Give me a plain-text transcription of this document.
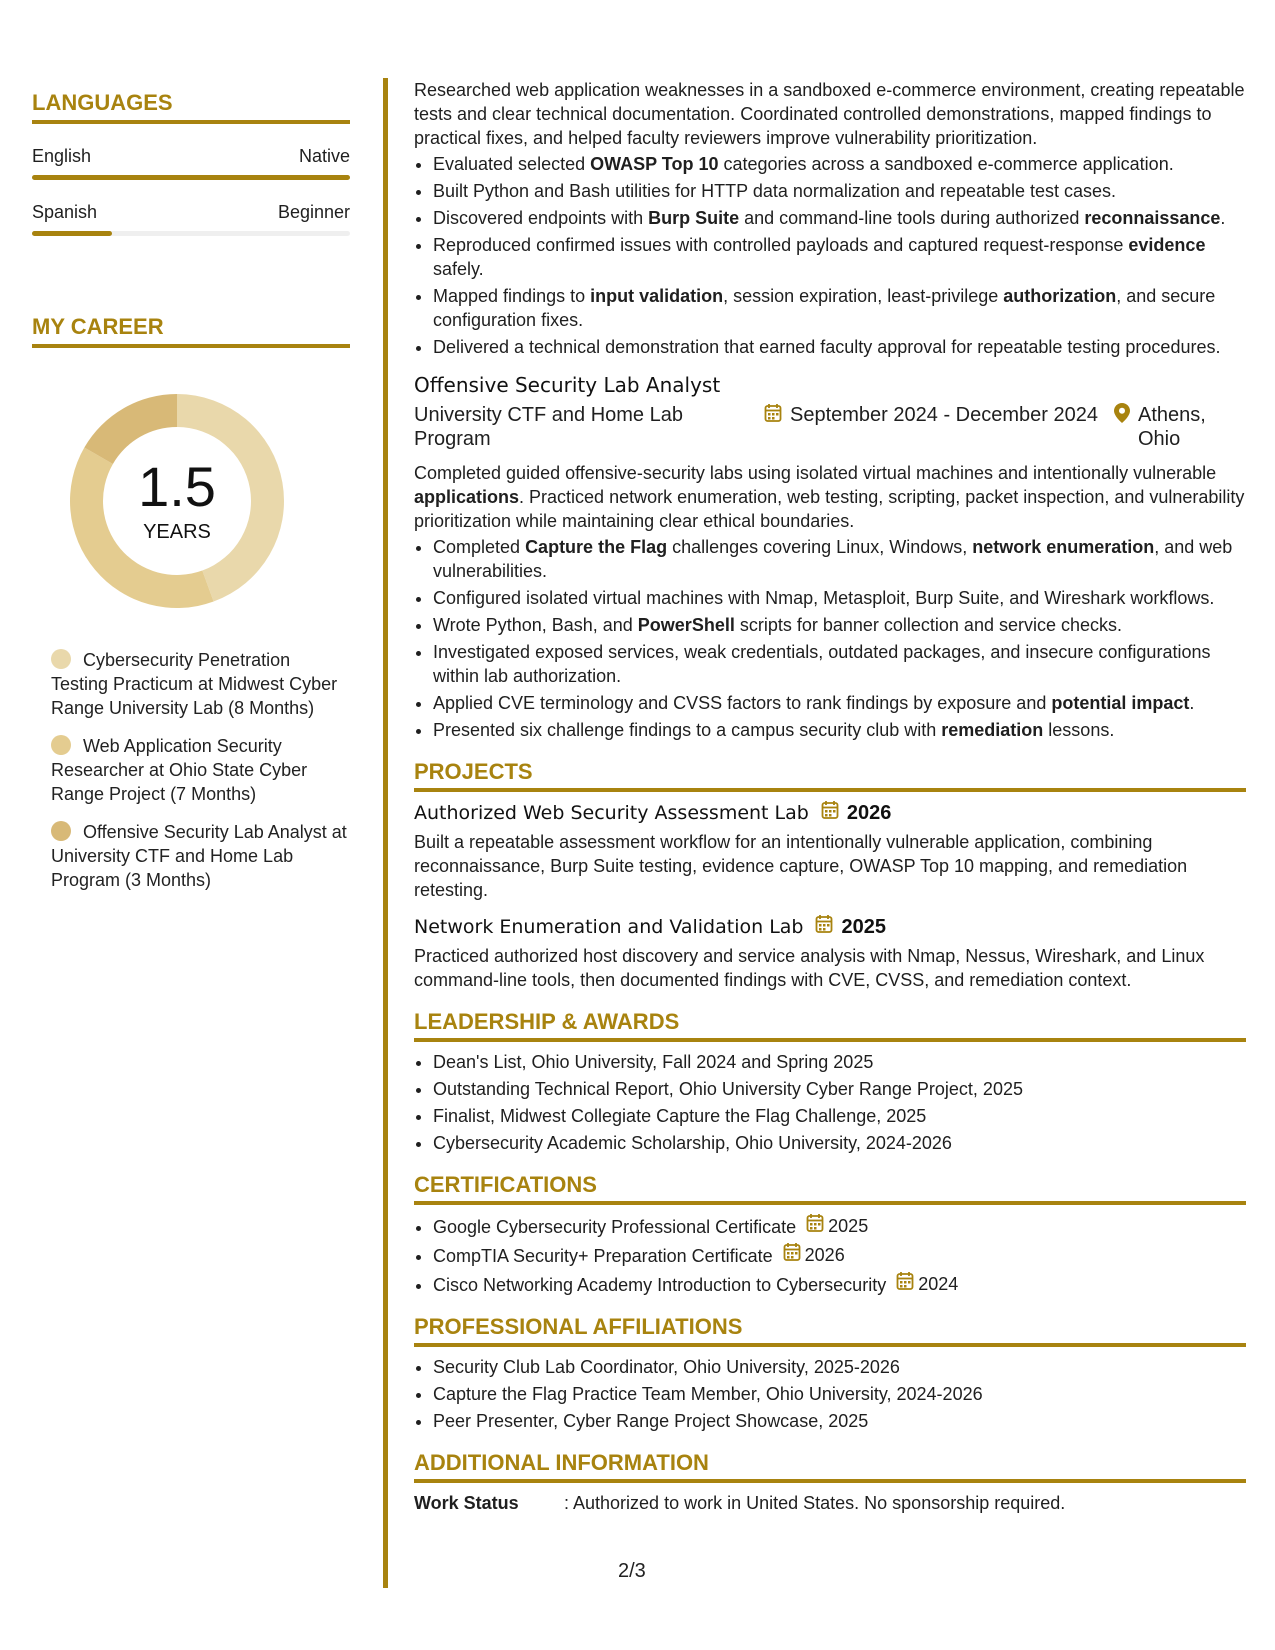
LANGUAGES
English	Native
Spanish	Beginner
MY CAREER
1.5
YEARS
Cybersecurity Penetration Testing Practicum at Midwest Cyber Range University Lab (8 Months)
Web Application Security Researcher at Ohio State Cyber Range Project (7 Months)
Offensive Security Lab Analyst at University CTF and Home Lab Program (3 Months)

Researched web application weaknesses in a sandboxed e-commerce environment, creating repeatable tests and clear technical documentation. Coordinated controlled demonstrations, mapped findings to practical fixes, and helped faculty reviewers improve vulnerability prioritization.

• Evaluated selected OWASP Top 10 categories across a sandboxed e-commerce application.
• Built Python and Bash utilities for HTTP data normalization and repeatable test cases.
• Discovered endpoints with Burp Suite and command-line tools during authorized reconnaissance.
• Reproduced confirmed issues with controlled payloads and captured request-response evidence safely.
• Mapped findings to input validation, session expiration, least-privilege authorization, and secure configuration fixes.
• Delivered a technical demonstration that earned faculty approval for repeatable testing procedures.
Offensive Security Lab Analyst
University CTF and Home Lab Program
September 2024 - December 2024 Athens, Ohio

Completed guided offensive-security labs using isolated virtual machines and intentionally vulnerable applications. Practiced network enumeration, web testing, scripting, packet inspection, and vulnerability prioritization while maintaining clear ethical boundaries.

• Completed Capture the Flag challenges covering Linux, Windows, network enumeration, and web vulnerabilities.
• Configured isolated virtual machines with Nmap, Metasploit, Burp Suite, and Wireshark workflows.
• Wrote Python, Bash, and PowerShell scripts for banner collection and service checks.
• Investigated exposed services, weak credentials, outdated packages, and insecure configurations within lab authorization.
• Applied CVE terminology and CVSS factors to rank findings by exposure and potential impact.
• Presented six challenge findings to a campus security club with remediation lessons.
PROJECTS
Authorized Web Security Assessment Lab 2026

Built a repeatable assessment workflow for an intentionally vulnerable application, combining reconnaissance, Burp Suite testing, evidence capture, OWASP Top 10 mapping, and remediation retesting.

Network Enumeration and Validation Lab 2025

Practiced authorized host discovery and service analysis with Nmap, Nessus, Wireshark, and Linux command-line tools, then documented findings with CVE, CVSS, and remediation context.

LEADERSHIP & AWARDS
• Dean's List, Ohio University, Fall 2024 and Spring 2025
• Outstanding Technical Report, Ohio University Cyber Range Project, 2025
• Finalist, Midwest Collegiate Capture the Flag Challenge, 2025
• Cybersecurity Academic Scholarship, Ohio University, 2024-2026
CERTIFICATIONS
• Google Cybersecurity Professional Certificate 2025
• CompTIA Security+ Preparation Certificate 2026
• Cisco Networking Academy Introduction to Cybersecurity 2024
PROFESSIONAL AFFILIATIONS
• Security Club Lab Coordinator, Ohio University, 2025-2026
• Capture the Flag Practice Team Member, Ohio University, 2024-2026
• Peer Presenter, Cyber Range Project Showcase, 2025
ADDITIONAL INFORMATION
Work Status	: Authorized to work in United States. No sponsorship required.
2/3
